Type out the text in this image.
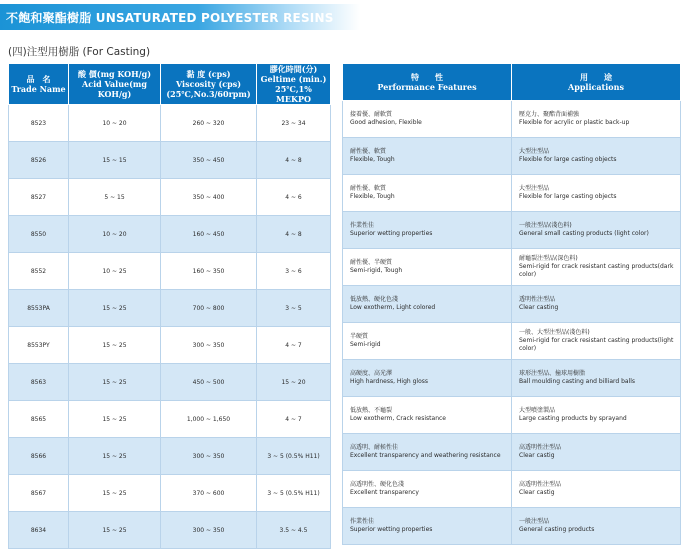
不飽和聚酯樹脂 UNSATURATED POLYESTER RESINS
(四)注型用樹脂 (For Casting)
品　名
Trade Name	酸 價(mg KOH/g)
Acid Value(mg KOH/g)	黏 度 (cps)
Viscosity (cps)
(25℃,No.3/60rpm)	膠化時間(分)
Geltime (min.)
25℃,1% MEKPO

8523	10 ~ 20	260 ~ 320	23 ~ 34
8526	15 ~ 15	350 ~ 450	4 ~ 8
8527	5 ~ 15	350 ~ 400	4 ~ 6
8550	10 ~ 20	160 ~ 450	4 ~ 8
8552	10 ~ 25	160 ~ 350	3 ~ 6
8553PA	15 ~ 25	700 ~ 800	3 ~ 5
8553PY	15 ~ 25	300 ~ 350	4 ~ 7
8563	15 ~ 25	450 ~ 500	15 ~ 20
8565	15 ~ 25	1,000 ~ 1,650	4 ~ 7
8566	15 ~ 25	300 ~ 350	3 ~ 5 (0.5% H11)
8567	15 ~ 25	370 ~ 600	3 ~ 5 (0.5% H11)
8634	15 ~ 25	300 ~ 350	3.5 ~ 4.5
特　　性
Performance Features	用　　途
Applications

接着優、耐軟質
Good adhesion, Flexible	壓克力、聚酯背面補強
Flexible for acrylic or plastic back-up

耐性優、軟質
Flexible, Tough	大型注型品
Flexible for large casting objects

耐性優、軟質
Flexible, Tough	大型注型品
Flexible for large casting objects

作業性佳
Superior wetting properties	一般注型品(淺色料)
General small casting products (light color)

耐性優、半硬質
Semi-rigid, Tough	耐龜裂注型品(深色料)
Semi-rigid for crack resistant casting products(dark color)

低放熱、硬化色淺
Low exotherm, Light colored	透明性注型品
Clear casting

半硬質
Semi-rigid	一般、大型注型品(淺色料)
Semi-rigid for crack resistant casting products(light color)

高硬度、高光澤
High hardness, High gloss	球形注型品、撞球用樹脂
Ball moulding casting and billiard balls

低放熱、不龜裂
Low exotherm, Crack resistance	大型噴塗製品
Large casting products by sprayand

高透明、耐候性佳
Excellent transparency and weathering resistance	高透明性注型品
Clear castig

高透明性、硬化色淺
Excellent transparency	高透明性注型品
Clear castig

作業性佳
Superior wetting properties	一般注型品
General casting products
